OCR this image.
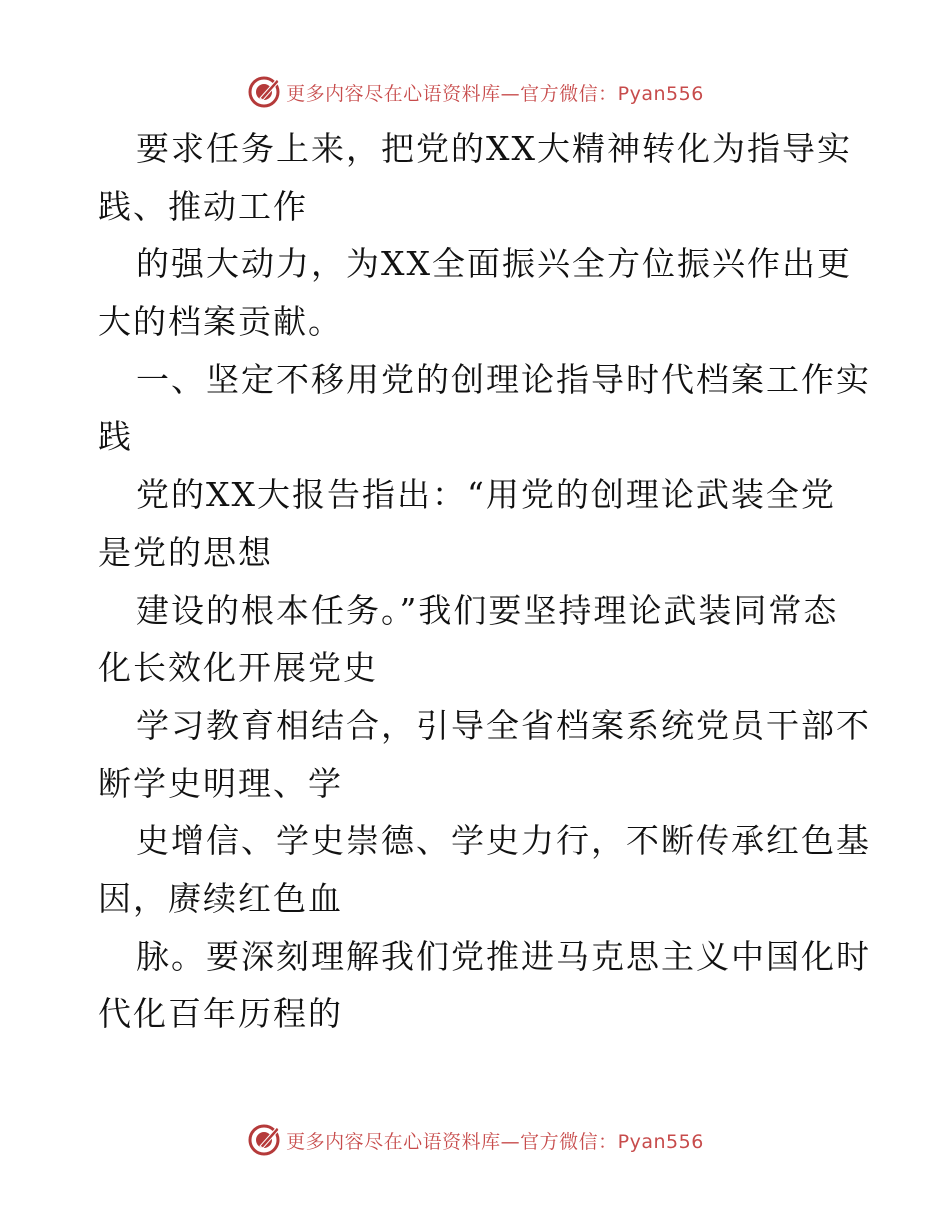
更多内容尽在心语资料库—官方微信：Pyan556
要求任务上来，把党的XX大精神转化为指导实
践、推动工作
的强大动力，为XX全面振兴全方位振兴作出更
大的档案贡献。
一、坚定不移用党的创理论指导时代档案工作实
践
党的XX大报告指出：“用党的创理论武装全党
是党的思想
建设的根本任务。”我们要坚持理论武装同常态
化长效化开展党史
学习教育相结合，引导全省档案系统党员干部不
断学史明理、学
史增信、学史崇德、学史力行，不断传承红色基
因，赓续红色血
脉。要深刻理解我们党推进马克思主义中国化时
代化百年历程的
更多内容尽在心语资料库—官方微信：Pyan556
